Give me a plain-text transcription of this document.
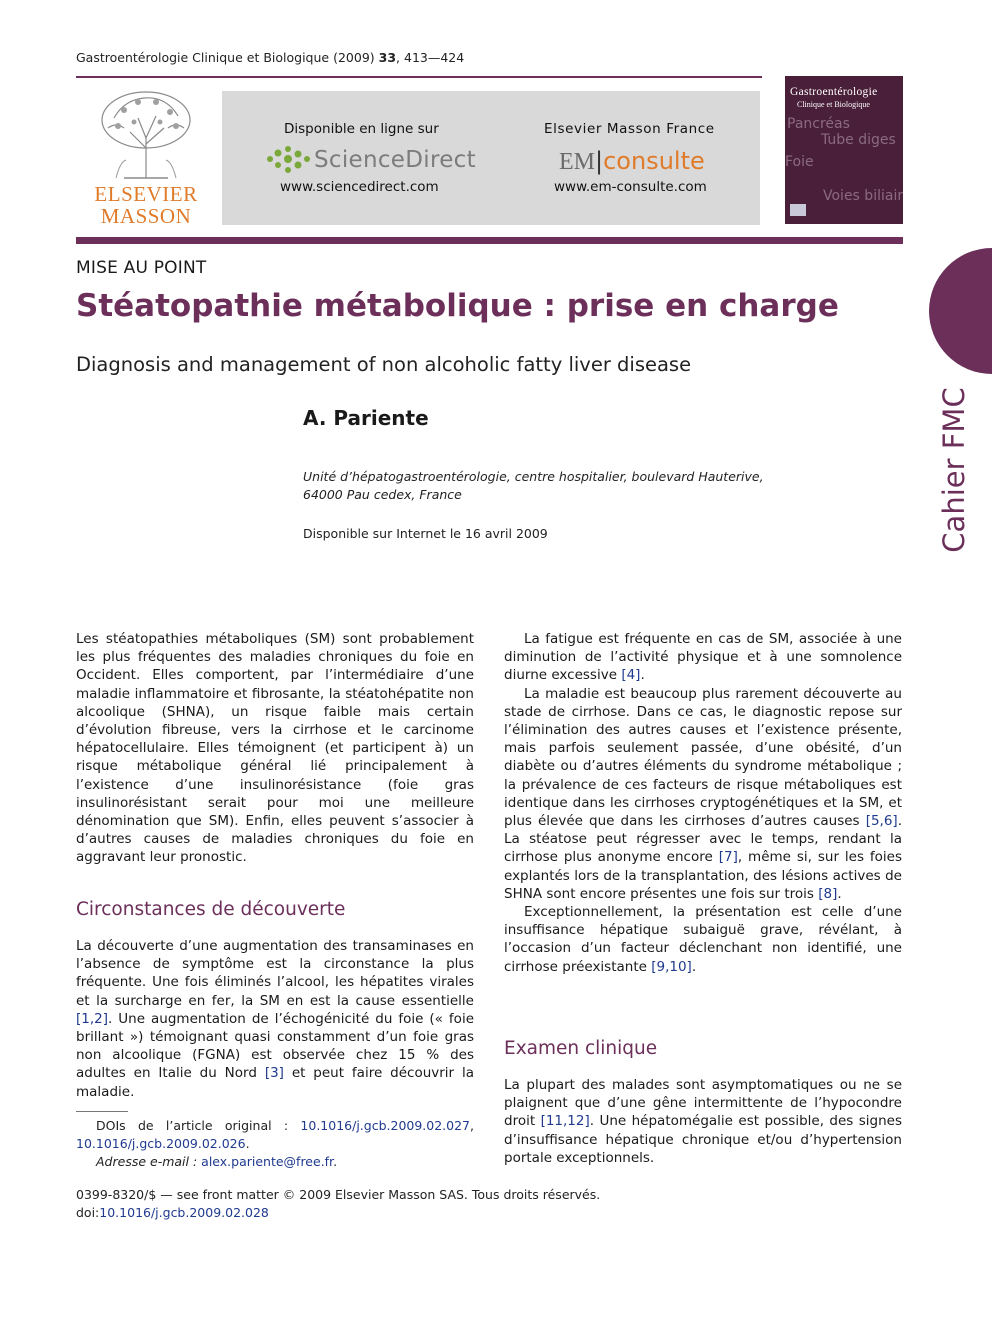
Gastroentérologie Clinique et Biologique (2009) 33, 413—424
ELSEVIER
MASSON
Disponible en ligne sur
ScienceDirect
www.sciencedirect.com
Elsevier Masson France
EM|consulte
www.em-consulte.com
Gastroentérologie
Clinique et Biologique
Pancréas
Tube diges
Foie
Voies biliair
Cahier FMC
MISE AU POINT
Stéatopathie métabolique : prise en charge
Diagnosis and management of non alcoholic fatty liver disease
A. Pariente
Unité d’hépatogastroentérologie, centre hospitalier, boulevard Hauterive,
64000 Pau cedex, France
Disponible sur Internet le 16 avril 2009

Les stéatopathies métaboliques (SM) sont probablement les plus fréquentes des maladies chroniques du foie en Occident. Elles comportent, par l’intermédiaire d’une maladie inflammatoire et fibrosante, la stéatohépatite non alcoolique (SHNA), un risque faible mais certain d’évolution fibreuse, vers la cirrhose et le carcinome hépatocellulaire. Elles témoignent (et participent à) un risque métabolique général lié principalement à l’existence d’une insulinorésistance (foie gras insulinorésistant serait pour moi une meilleure dénomination que SM). Enfin, elles peuvent s’associer à d’autres causes de maladies chroniques du foie en aggravant leur pronostic.

Circonstances de découverte

La découverte d’une augmentation des transaminases en l’absence de symptôme est la circonstance la plus fréquente. Une fois éliminés l’alcool, les hépatites virales et la surcharge en fer, la SM en est la cause essentielle [1,2]. Une augmentation de l’échogénicité du foie (« foie brillant ») témoignant quasi constamment d’un foie gras non alcoolique (FGNA) est observée chez 15 % des adultes en Italie du Nord [3] et peut faire découvrir la maladie.

DOIs de l’article original : 10.1016/j.gcb.2009.02.027, 10.1016/j.gcb.2009.02.026.
Adresse e-mail : alex.pariente@free.fr.
0399-8320/$ — see front matter © 2009 Elsevier Masson SAS. Tous droits réservés.
doi:10.1016/j.gcb.2009.02.028

La fatigue est fréquente en cas de SM, associée à une diminution de l’activité physique et à une somnolence diurne excessive [4].

La maladie est beaucoup plus rarement découverte au stade de cirrhose. Dans ce cas, le diagnostic repose sur l’élimination des autres causes et l’existence présente, mais parfois seulement passée, d’une obésité, d’un diabète ou d’autres éléments du syndrome métabolique ; la prévalence de ces facteurs de risque métaboliques est identique dans les cirrhoses cryptogénétiques et la SM, et plus élevée que dans les cirrhoses d’autres causes [5,6]. La stéatose peut régresser avec le temps, rendant la cirrhose plus anonyme encore [7], même si, sur les foies explantés lors de la transplantation, des lésions actives de SHNA sont encore présentes une fois sur trois [8].

Exceptionnellement, la présentation est celle d’une insuffisance hépatique subaiguë grave, révélant, à l’occasion d’un facteur déclenchant non identifié, une cirrhose préexistante [9,10].

Examen clinique

La plupart des malades sont asymptomatiques ou ne se plaignent que d’une gêne intermittente de l’hypocondre droit [11,12]. Une hépatomégalie est possible, des signes d’insuffisance hépatique chronique et/ou d’hypertension portale exceptionnels.
